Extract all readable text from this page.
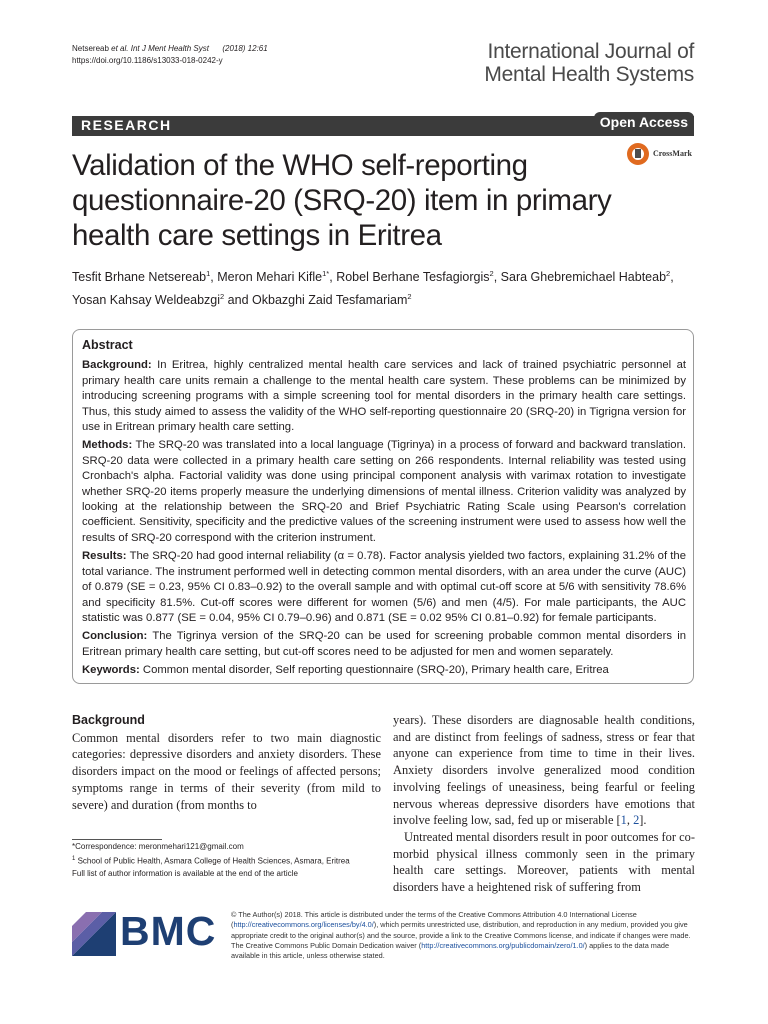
Netsereab et al. Int J Ment Health Syst (2018) 12:61
https://doi.org/10.1186/s13033-018-0242-y	International Journal of
Mental Health Systems
RESEARCH	Open Access
Validation of the WHO self-reporting questionnaire-20 (SRQ-20) item in primary health care settings in Eritrea
CrossMark
Tesfit Brhane Netsereab$^1$, Meron Mehari Kifle$^{1*}$, Robel Berhane Tesfagiorgis$^2$, Sara Ghebremichael Habteab$^2$,
Yosan Kahsay Weldeabzgi$^2$ and Okbazghi Zaid Tesfamariam$^2$
Abstract

Background: In Eritrea, highly centralized mental health care services and lack of trained psychiatric personnel at primary health care units remain a challenge to the mental health care system. These problems can be minimized by introducing screening programs with a simple screening tool for mental disorders in the primary health care settings. Thus, this study aimed to assess the validity of the WHO self-reporting questionnaire 20 (SRQ-20) in Tigrigna version for use in Eritrean primary health care setting.

Methods: The SRQ-20 was translated into a local language (Tigrinya) in a process of forward and backward translation. SRQ-20 data were collected in a primary health care setting on 266 respondents. Internal reliability was tested using Cronbach's alpha. Factorial validity was done using principal component analysis with varimax rotation to investigate whether SRQ-20 items properly measure the underlying dimensions of mental illness. Criterion validity was analyzed by looking at the relationship between the SRQ-20 and Brief Psychiatric Rating Scale using Pearson's correlation coefficient. Sensitivity, specificity and the predictive values of the screening instrument were used to assess how well the results of SRQ-20 correspond with the criterion instrument.

Results: The SRQ-20 had good internal reliability (α = 0.78). Factor analysis yielded two factors, explaining 31.2% of the total variance. The instrument performed well in detecting common mental disorders, with an area under the curve (AUC) of 0.879 (SE = 0.23, 95% CI 0.83–0.92) to the overall sample and with optimal cut-off score at 5/6 with sensitivity 78.6% and specificity 81.5%. Cut-off scores were different for women (5/6) and men (4/5). For male participants, the AUC statistic was 0.877 (SE = 0.04, 95% CI 0.79–0.96) and 0.871 (SE = 0.02 95% CI 0.81–0.92) for female participants.

Conclusion: The Tigrinya version of the SRQ-20 can be used for screening probable common mental disorders in Eritrean primary health care setting, but cut-off scores need to be adjusted for men and women separately.

Keywords: Common mental disorder, Self reporting questionnaire (SRQ-20), Primary health care, Eritrea

Background

Common mental disorders refer to two main diagnostic categories: depressive disorders and anxiety disorders. These disorders impact on the mood or feelings of affected persons; symptoms range in terms of their severity (from mild to severe) and duration (from months to

years). These disorders are diagnosable health conditions, and are distinct from feelings of sadness, stress or fear that anyone can experience from time to time in their lives. Anxiety disorders involve generalized mood condition involving feelings of uneasiness, being fearful or feeling nervous whereas depressive disorders have emotions that involve feeling low, sad, fed up or miserable [1, 2].

Untreated mental disorders result in poor outcomes for co-morbid physical illness commonly seen in the primary health care settings. Moreover, patients with mental disorders have a heightened risk of suffering from

*Correspondence: meronmehari121@gmail.com

$^1$ School of Public Health, Asmara College of Health Sciences, Asmara, Eritrea

Full list of author information is available at the end of the article

BMC © The Author(s) 2018. This article is distributed under the terms of the Creative Commons Attribution 4.0 International License (http://creativecommons.org/licenses/by/4.0/), which permits unrestricted use, distribution, and reproduction in any medium, provided you give appropriate credit to the original author(s) and the source, provide a link to the Creative Commons license, and indicate if changes were made. The Creative Commons Public Domain Dedication waiver (http://creativecommons.org/publicdomain/zero/1.0/) applies to the data made available in this article, unless otherwise stated.
